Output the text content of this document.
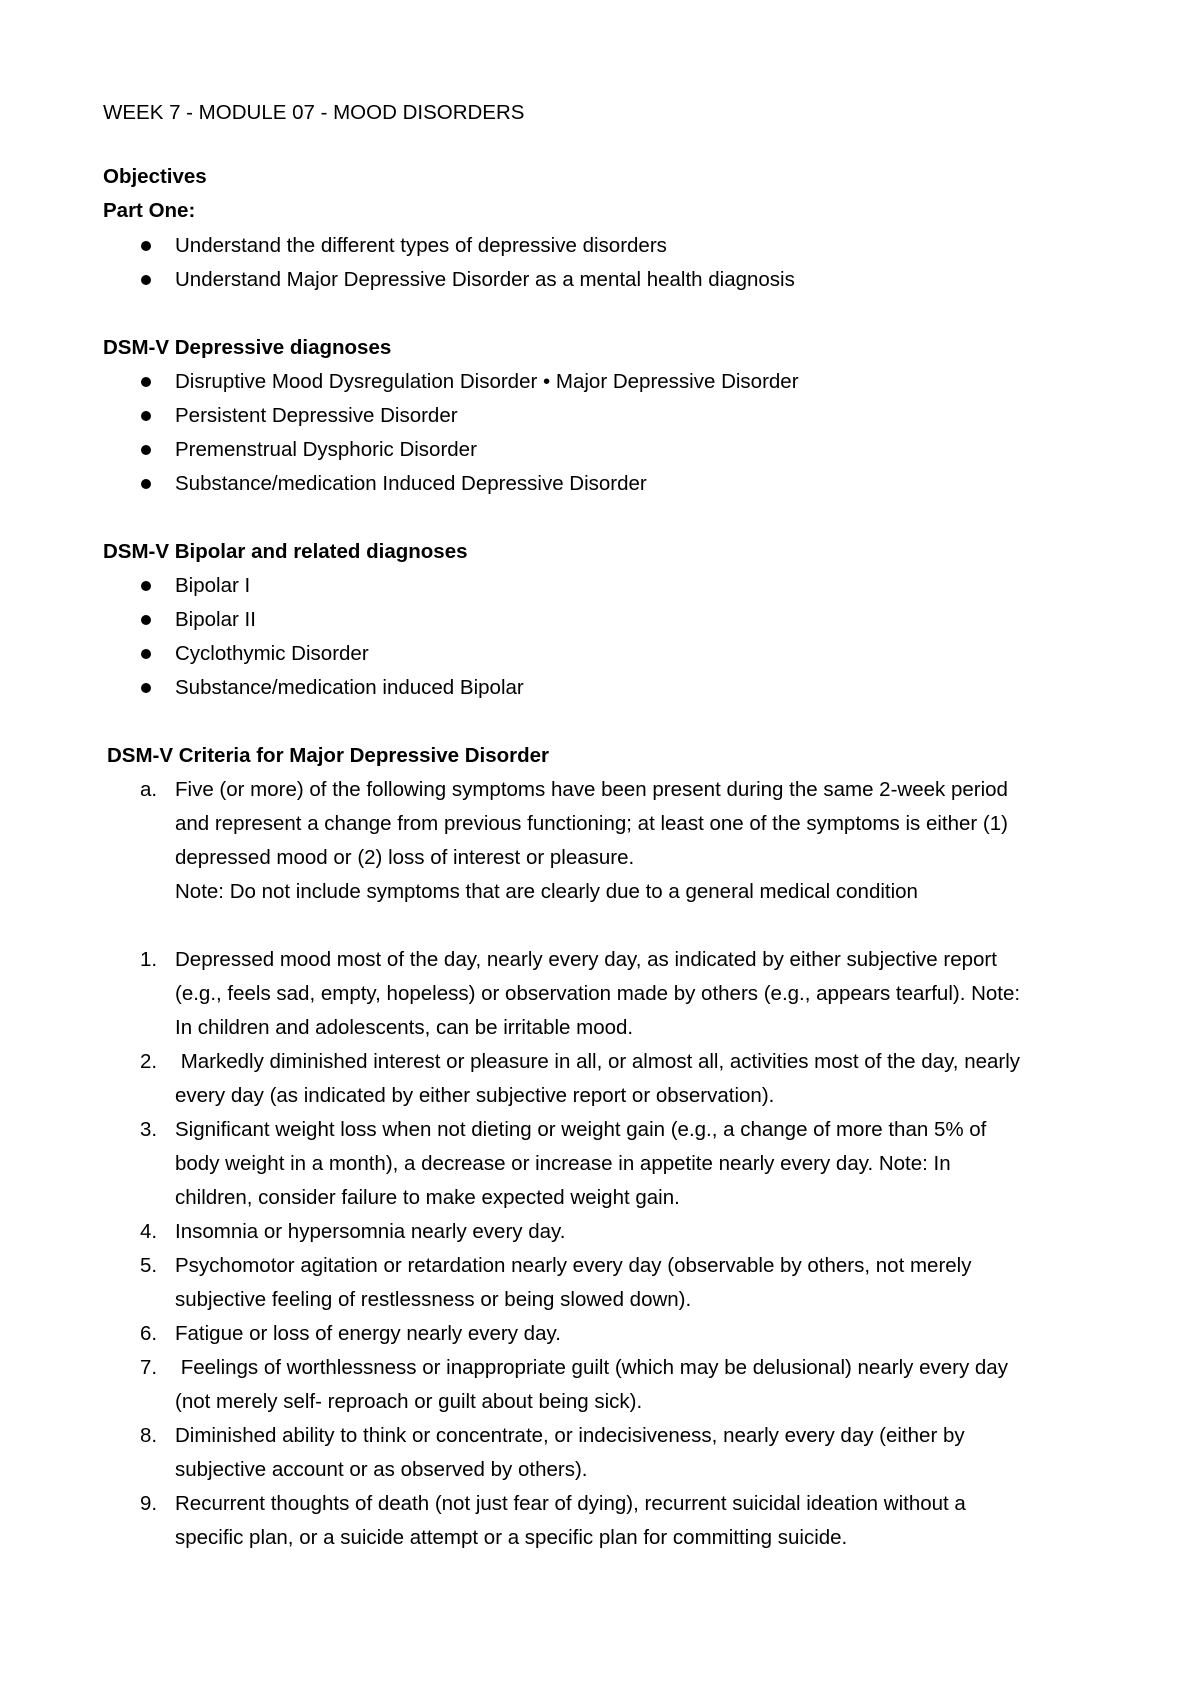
WEEK 7 - MODULE 07 - MOOD DISORDERS
Objectives
Part One:
Understand the different types of depressive disorders
Understand Major Depressive Disorder as a mental health diagnosis
DSM-V Depressive diagnoses
Disruptive Mood Dysregulation Disorder • Major Depressive Disorder
Persistent Depressive Disorder
Premenstrual Dysphoric Disorder
Substance/medication Induced Depressive Disorder
DSM-V Bipolar and related diagnoses
Bipolar I
Bipolar II
Cyclothymic Disorder
Substance/medication induced Bipolar
DSM-V Criteria for Major Depressive Disorder
a. Five (or more) of the following symptoms have been present during the same 2-week period
and represent a change from previous functioning; at least one of the symptoms is either (1)
depressed mood or (2) loss of interest or pleasure.
Note: Do not include symptoms that are clearly due to a general medical condition
1. Depressed mood most of the day, nearly every day, as indicated by either subjective report
(e.g., feels sad, empty, hopeless) or observation made by others (e.g., appears tearful). Note:
In children and adolescents, can be irritable mood.
2. Markedly diminished interest or pleasure in all, or almost all, activities most of the day, nearly
every day (as indicated by either subjective report or observation).
3. Significant weight loss when not dieting or weight gain (e.g., a change of more than 5% of
body weight in a month), a decrease or increase in appetite nearly every day. Note: In
children, consider failure to make expected weight gain.
4. Insomnia or hypersomnia nearly every day.
5. Psychomotor agitation or retardation nearly every day (observable by others, not merely
subjective feeling of restlessness or being slowed down).
6. Fatigue or loss of energy nearly every day.
7. Feelings of worthlessness or inappropriate guilt (which may be delusional) nearly every day
(not merely self- reproach or guilt about being sick).
8. Diminished ability to think or concentrate, or indecisiveness, nearly every day (either by
subjective account or as observed by others).
9. Recurrent thoughts of death (not just fear of dying), recurrent suicidal ideation without a
specific plan, or a suicide attempt or a specific plan for committing suicide.
